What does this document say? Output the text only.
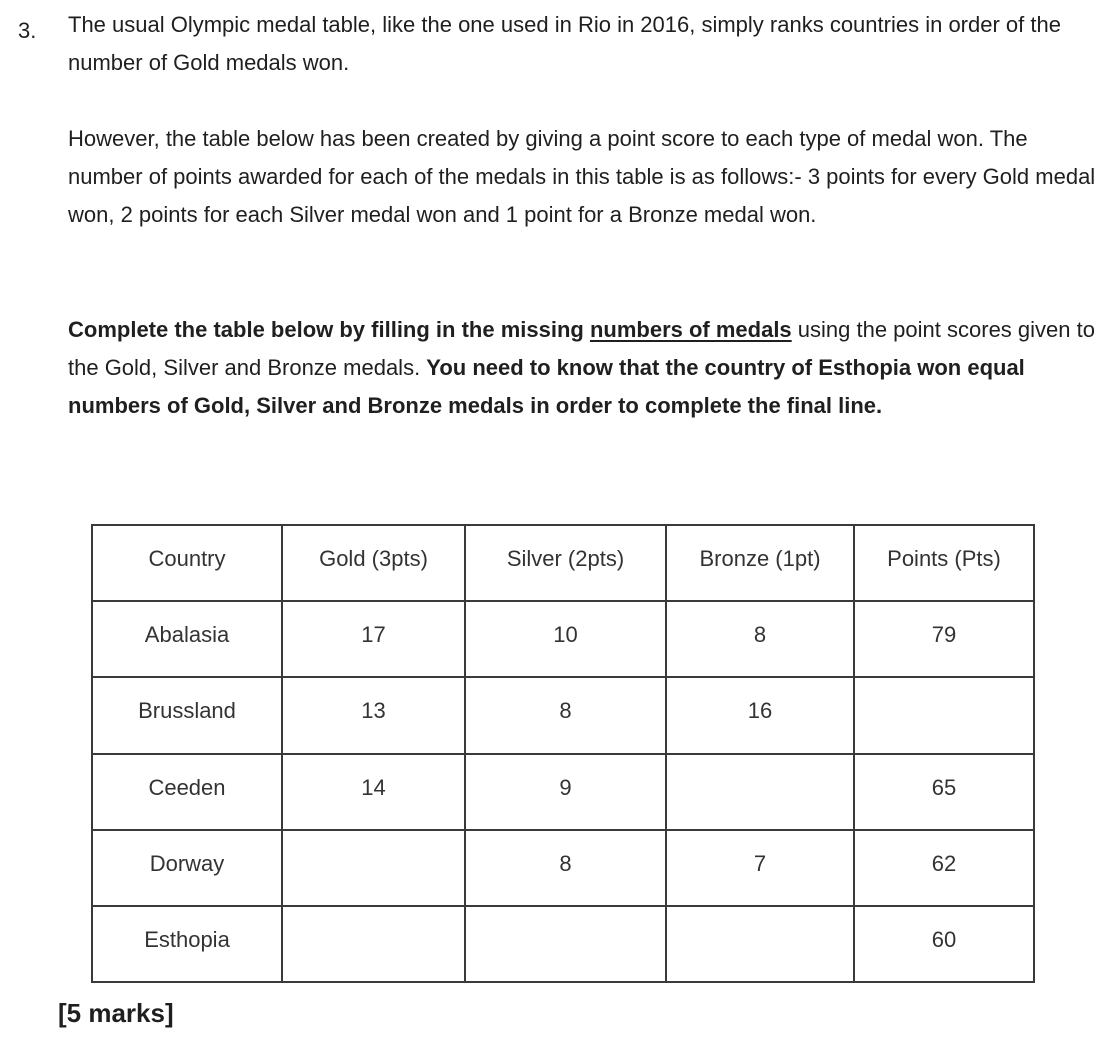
3. The usual Olympic medal table, like the one used in Rio in 2016, simply ranks countries in order of the number of Gold medals won.

However, the table below has been created by giving a point score to each type of medal won. The number of points awarded for each of the medals in this table is as follows:- 3 points for every Gold medal won, 2 points for each Silver medal won and 1 point for a Bronze medal won.

Complete the table below by filling in the missing numbers of medals using the point scores given to the Gold, Silver and Bronze medals. You need to know that the country of Esthopia won equal numbers of Gold, Silver and Bronze medals in order to complete the final line.

Country	Gold (3pts)	Silver (2pts)	Bronze (1pt)	Points (Pts)
Abalasia	17	10	8	79
Brussland	13	8	16	
Ceeden	14	9		65
Dorway		8	7	62
Esthopia				60
[5 marks]
